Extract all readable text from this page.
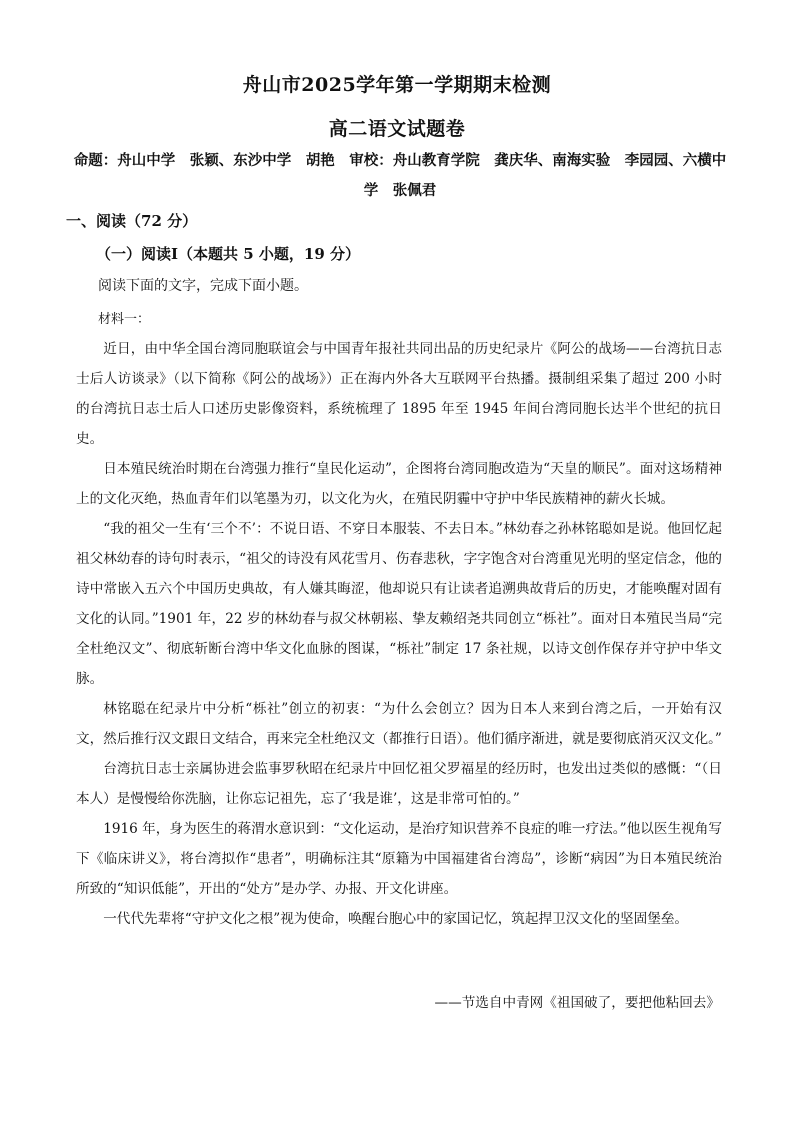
舟山市2025学年第一学期期末检测
高二语文试题卷
命题：舟山中学　张颖、东沙中学　胡艳　审校：舟山教育学院　龚庆华、南海实验　李园园、六横中学　张佩君
一、阅读（72 分）
（一）阅读Ⅰ（本题共 5 小题，19 分）
阅读下面的文字，完成下面小题。
材料一：

近日，由中华全国台湾同胞联谊会与中国青年报社共同出品的历史纪录片《阿公的战场——台湾抗日志士后人访谈录》（以下简称《阿公的战场》）正在海内外各大互联网平台热播。摄制组采集了超过 200 小时的台湾抗日志士后人口述历史影像资料，系统梳理了 1895 年至 1945 年间台湾同胞长达半个世纪的抗日史。

日本殖民统治时期在台湾强力推行“皇民化运动”，企图将台湾同胞改造为“天皇的顺民”。面对这场精神上的文化灭绝，热血青年们以笔墨为刃，以文化为火，在殖民阴霾中守护中华民族精神的薪火长城。

“我的祖父一生有‘三个不’：不说日语、不穿日本服装、不去日本。”林幼春之孙林铭聪如是说。他回忆起祖父林幼春的诗句时表示，“祖父的诗没有风花雪月、伤春悲秋，字字饱含对台湾重见光明的坚定信念，他的诗中常嵌入五六个中国历史典故，有人嫌其晦涩，他却说只有让读者追溯典故背后的历史，才能唤醒对固有文化的认同。”1901 年，22 岁的林幼春与叔父林朝崧、挚友赖绍尧共同创立“栎社”。面对日本殖民当局“完全杜绝汉文”、彻底斩断台湾中华文化血脉的图谋，“栎社”制定 17 条社规，以诗文创作保存并守护中华文脉。

林铭聪在纪录片中分析“栎社”创立的初衷：“为什么会创立？因为日本人来到台湾之后，一开始有汉文，然后推行汉文跟日文结合，再来完全杜绝汉文（都推行日语）。他们循序渐进，就是要彻底消灭汉文化。”

台湾抗日志士亲属协进会监事罗秋昭在纪录片中回忆祖父罗福星的经历时，也发出过类似的感慨：“（日本人）是慢慢给你洗脑，让你忘记祖先，忘了‘我是谁’，这是非常可怕的。”

1916 年，身为医生的蒋渭水意识到：“文化运动，是治疗知识营养不良症的唯一疗法。”他以医生视角写下《临床讲义》，将台湾拟作“患者”，明确标注其“原籍为中国福建省台湾岛”，诊断“病因”为日本殖民统治所致的“知识低能”，开出的“处方”是办学、办报、开文化讲座。

一代代先辈将“守护文化之根”视为使命，唤醒台胞心中的家国记忆，筑起捍卫汉文化的坚固堡垒。

——节选自中青网《祖国破了，要把他粘回去》
